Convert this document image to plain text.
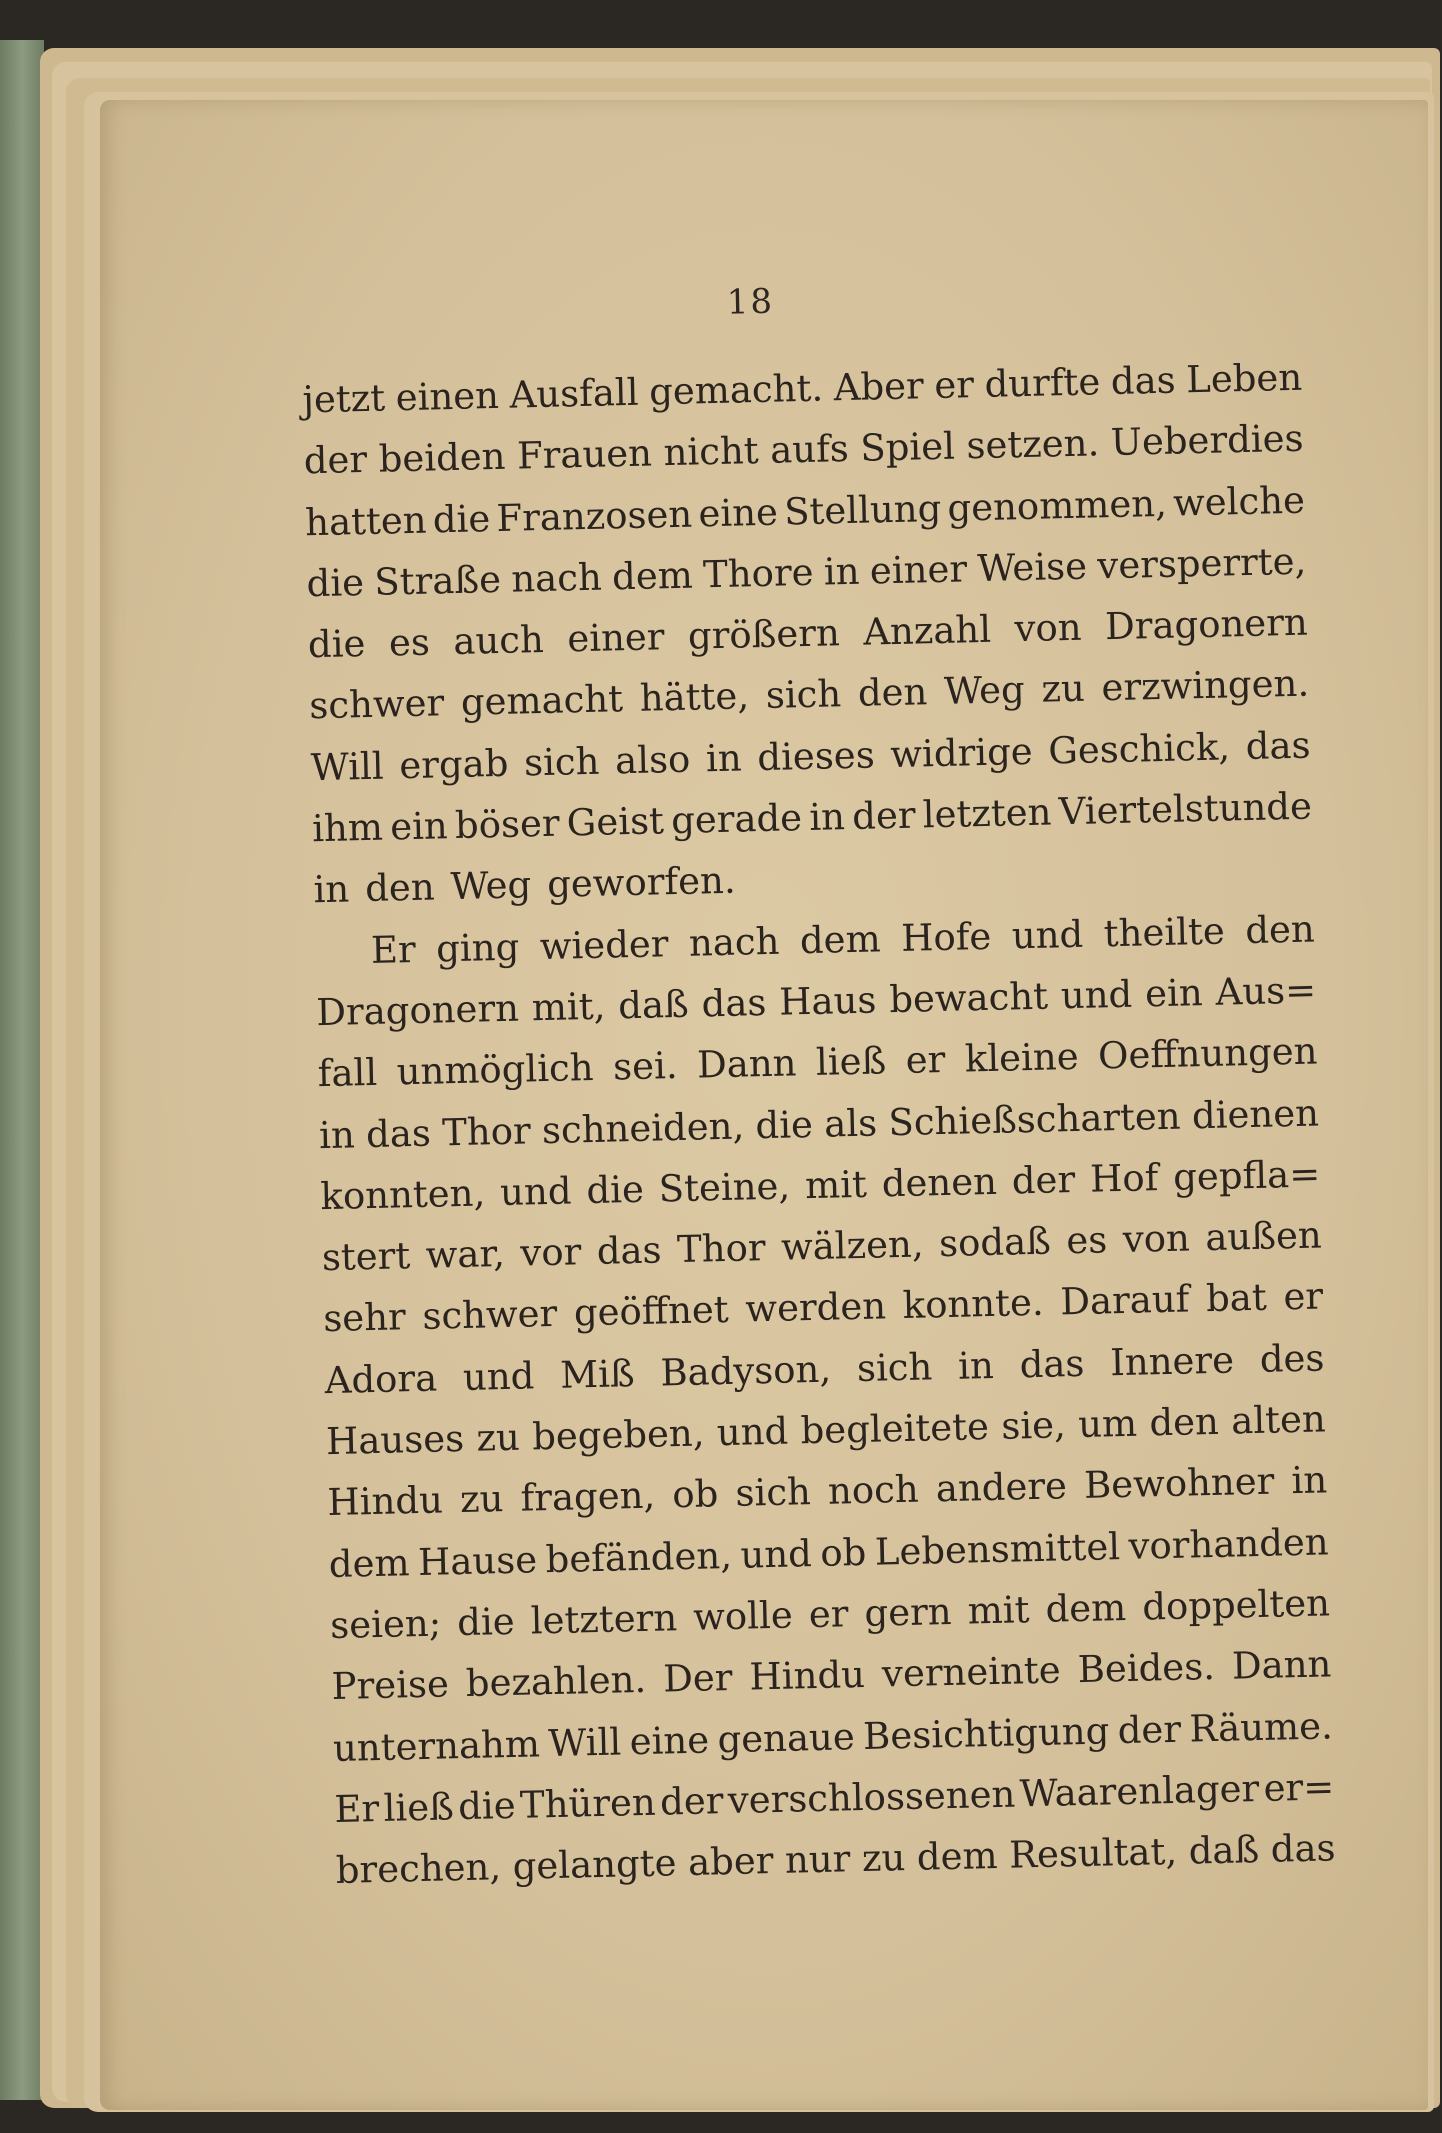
18
jetzt einen Ausfall gemacht. Aber er durfte das Leben
der beiden Frauen nicht aufs Spiel setzen. Ueberdies
hatten die Franzosen eine Stellung genommen, welche
die Straße nach dem Thore in einer Weise versperrte,
die es auch einer größern Anzahl von Dragonern
schwer gemacht hätte, sich den Weg zu erzwingen.
Will ergab sich also in dieses widrige Geschick, das
ihm ein böser Geist gerade in der letzten Viertelstunde
in den Weg geworfen.
Er ging wieder nach dem Hofe und theilte den
Dragonern mit, daß das Haus bewacht und ein Aus=
fall unmöglich sei. Dann ließ er kleine Oeffnungen
in das Thor schneiden, die als Schießscharten dienen
konnten, und die Steine, mit denen der Hof gepfla=
stert war, vor das Thor wälzen, sodaß es von außen
sehr schwer geöffnet werden konnte. Darauf bat er
Adora und Miß Badyson, sich in das Innere des
Hauses zu begeben, und begleitete sie, um den alten
Hindu zu fragen, ob sich noch andere Bewohner in
dem Hause befänden, und ob Lebensmittel vorhanden
seien; die letztern wolle er gern mit dem doppelten
Preise bezahlen. Der Hindu verneinte Beides. Dann
unternahm Will eine genaue Besichtigung der Räume.
Er ließ die Thüren der verschlossenen Waarenlager er=
brechen, gelangte aber nur zu dem Resultat, daß das
